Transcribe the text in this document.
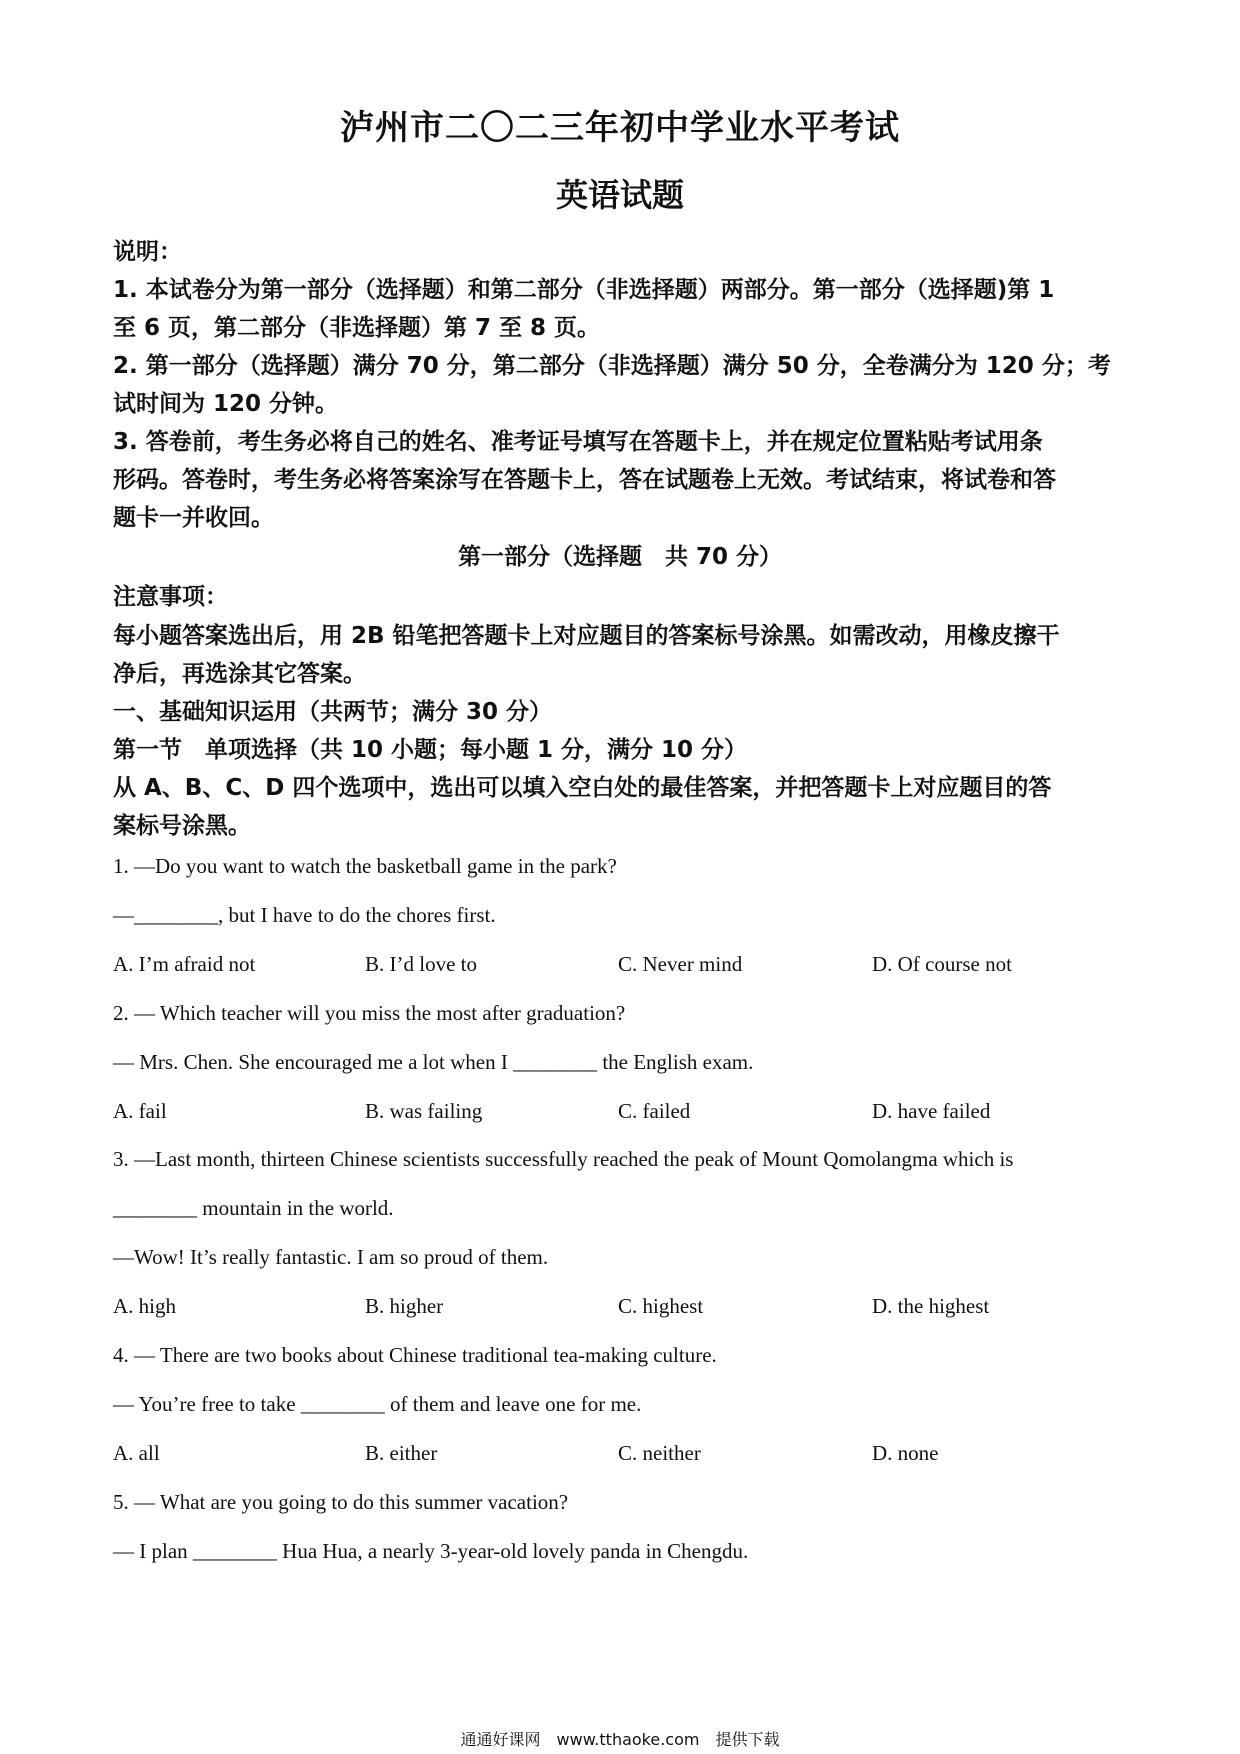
泸州市二〇二三年初中学业水平考试
英语试题
说明：
1. 本试卷分为第一部分（选择题）和第二部分（非选择题）两部分。第一部分（选择题)第 1
至 6 页，第二部分（非选择题）第 7 至 8 页。
2. 第一部分（选择题）满分 70 分，第二部分（非选择题）满分 50 分，全卷满分为 120 分；考
试时间为 120 分钟。
3. 答卷前，考生务必将自己的姓名、准考证号填写在答题卡上，并在规定位置粘贴考试用条
形码。答卷时，考生务必将答案涂写在答题卡上，答在试题卷上无效。考试结束，将试卷和答
题卡一并收回。
第一部分（选择题　共 70 分）
注意事项：
每小题答案选出后，用 2B 铅笔把答题卡上对应题目的答案标号涂黑。如需改动，用橡皮擦干
净后，再选涂其它答案。
一、基础知识运用（共两节；满分 30 分）
第一节　单项选择（共 10 小题；每小题 1 分，满分 10 分）
从 A、B、C、D 四个选项中，选出可以填入空白处的最佳答案，并把答题卡上对应题目的答
案标号涂黑。
1. —Do you want to watch the basketball game in the park?
—________, but I have to do the chores first.
A. I’m afraid not	B. I’d love to	C. Never mind	D. Of course not
2. — Which teacher will you miss the most after graduation?
— Mrs. Chen. She encouraged me a lot when I ________ the English exam.
A. fail	B. was failing	C. failed	D. have failed
3. —Last month, thirteen Chinese scientists successfully reached the peak of Mount Qomolangma which is
________ mountain in the world.
—Wow! It’s really fantastic. I am so proud of them.
A. high	B. higher	C. highest	D. the highest
4. — There are two books about Chinese traditional tea-making culture.
— You’re free to take ________ of them and leave one for me.
A. all	B. either	C. neither	D. none
5. — What are you going to do this summer vacation?
— I plan ________ Hua Hua, a nearly 3-year-old lovely panda in Chengdu.
通通好课网　www.tthaoke.com　提供下载
